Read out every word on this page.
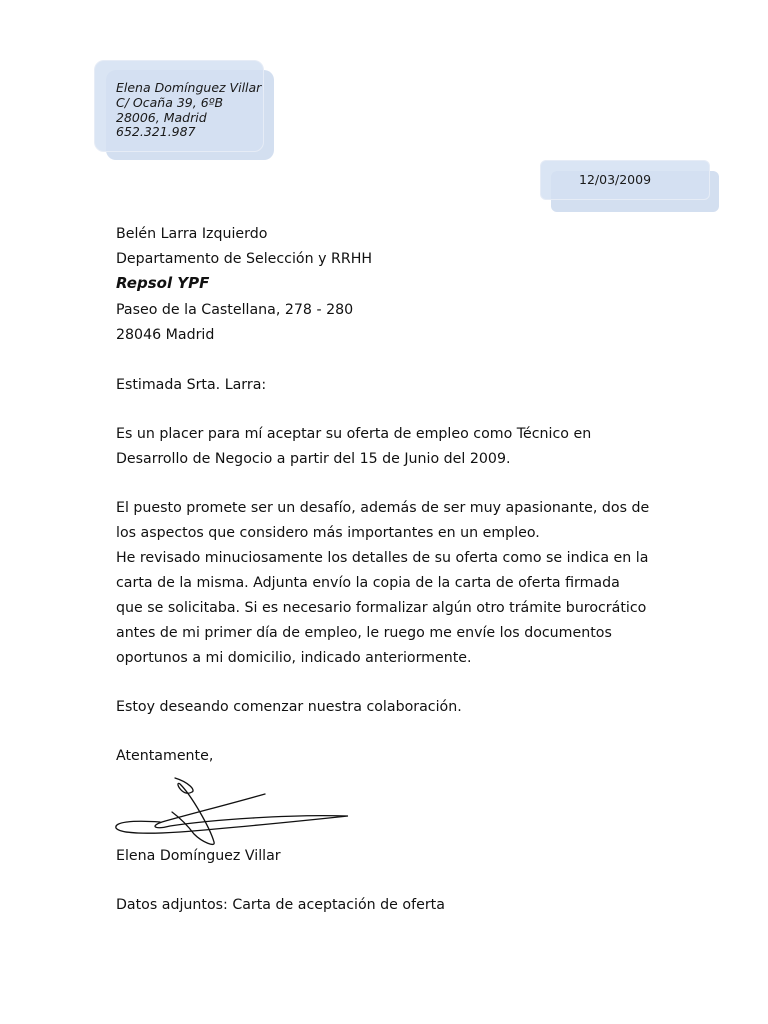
Elena Domínguez Villar
C/ Ocaña 39, 6ºB
28006, Madrid
652.321.987
12/03/2009
Belén Larra Izquierdo
Departamento de Selección y RRHH
Repsol YPF
Paseo de la Castellana, 278 - 280
28046 Madrid
Estimada Srta. Larra:
Es un placer para mí aceptar su oferta de empleo como Técnico en
Desarrollo de Negocio a partir del 15 de Junio del 2009.
El puesto promete ser un desafío, además de ser muy apasionante, dos de
los aspectos que considero más importantes en un empleo.
He revisado minuciosamente los detalles de su oferta como se indica en la
carta de la misma. Adjunta envío la copia de la carta de oferta firmada
que se solicitaba. Si es necesario formalizar algún otro trámite burocrático
antes de mi primer día de empleo, le ruego me envíe los documentos
oportunos a mi domicilio, indicado anteriormente.
Estoy deseando comenzar nuestra colaboración.
Atentamente,
Elena Domínguez Villar
Datos adjuntos: Carta de aceptación de oferta
